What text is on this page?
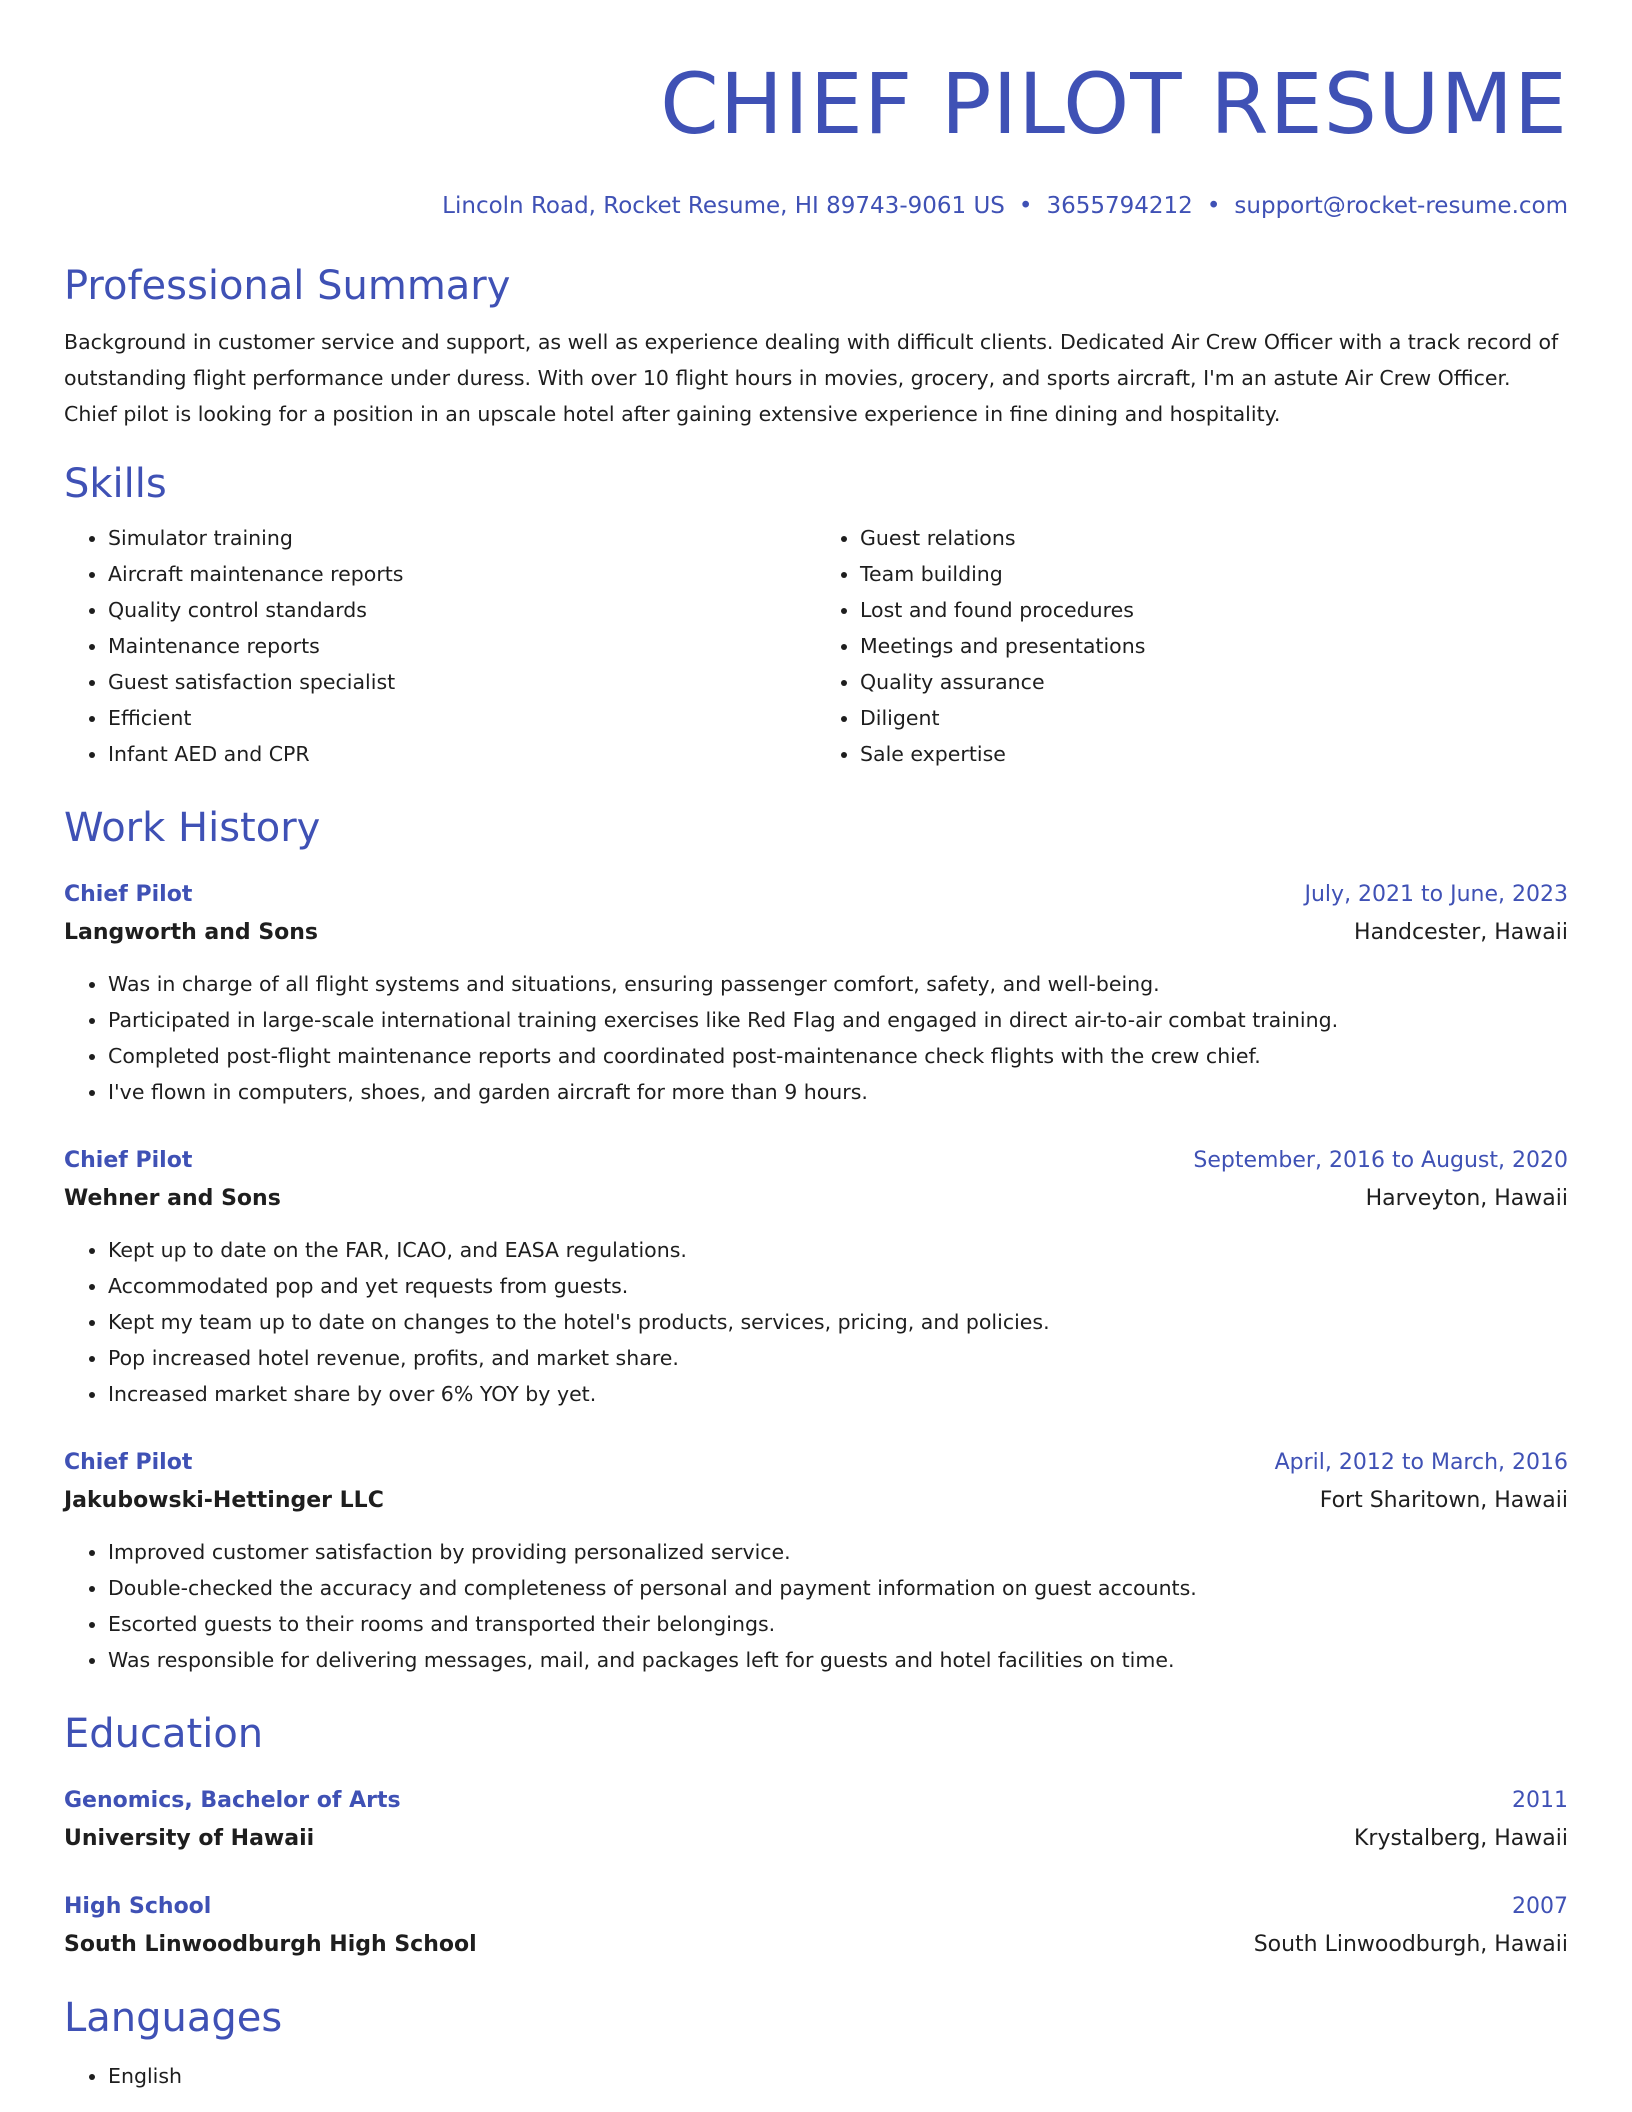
CHIEF PILOT RESUME
Lincoln Road, Rocket Resume, HI 89743-9061 US • 3655794212 • support@rocket-resume.com
Professional Summary
Background in customer service and support, as well as experience dealing with difficult clients. Dedicated Air Crew Officer with a track record of outstanding flight performance under duress. With over 10 flight hours in movies, grocery, and sports aircraft, I'm an astute Air Crew Officer. Chief pilot is looking for a position in an upscale hotel after gaining extensive experience in fine dining and hospitality.
Skills
• Simulator training
• Aircraft maintenance reports
• Quality control standards
• Maintenance reports
• Guest satisfaction specialist
• Efficient
• Infant AED and CPR
• Guest relations
• Team building
• Lost and found procedures
• Meetings and presentations
• Quality assurance
• Diligent
• Sale expertise
Work History
Chief Pilot	July, 2021 to June, 2023
Langworth and Sons	Handcester, Hawaii
• Was in charge of all flight systems and situations, ensuring passenger comfort, safety, and well-being.
• Participated in large-scale international training exercises like Red Flag and engaged in direct air-to-air combat training.
• Completed post-flight maintenance reports and coordinated post-maintenance check flights with the crew chief.
• I've flown in computers, shoes, and garden aircraft for more than 9 hours.
Chief Pilot	September, 2016 to August, 2020
Wehner and Sons	Harveyton, Hawaii
• Kept up to date on the FAR, ICAO, and EASA regulations.
• Accommodated pop and yet requests from guests.
• Kept my team up to date on changes to the hotel's products, services, pricing, and policies.
• Pop increased hotel revenue, profits, and market share.
• Increased market share by over 6% YOY by yet.
Chief Pilot	April, 2012 to March, 2016
Jakubowski-Hettinger LLC	Fort Sharitown, Hawaii
• Improved customer satisfaction by providing personalized service.
• Double-checked the accuracy and completeness of personal and payment information on guest accounts.
• Escorted guests to their rooms and transported their belongings.
• Was responsible for delivering messages, mail, and packages left for guests and hotel facilities on time.
Education
Genomics, Bachelor of Arts	2011
University of Hawaii	Krystalberg, Hawaii
High School	2007
South Linwoodburgh High School	South Linwoodburgh, Hawaii
Languages
• English
